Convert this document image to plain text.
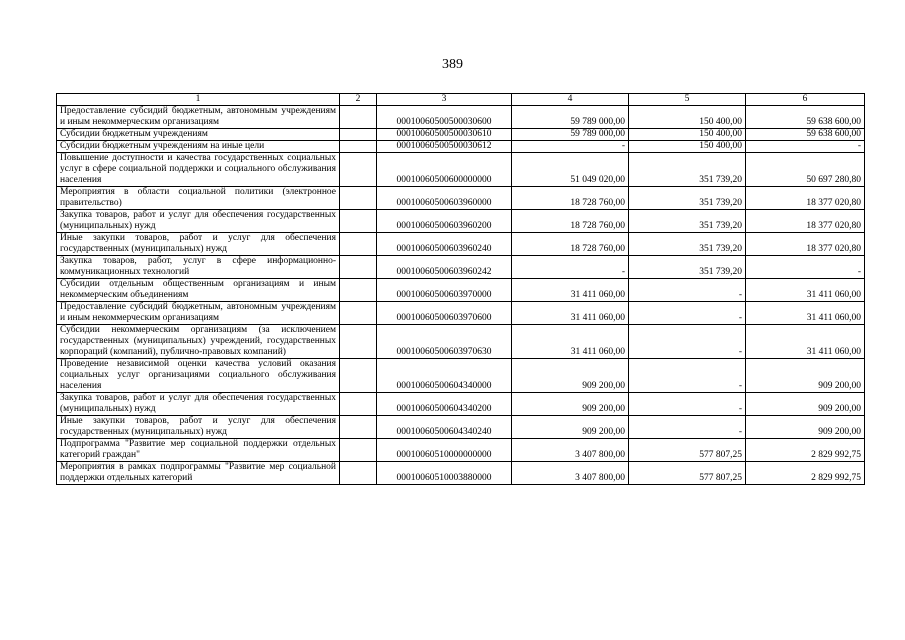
389
1	2	3	4	5	6
Предоставление субсидий бюджетным, автономным учреждениям и иным некоммерческим организациям		00010060500500030600	59 789 000,00	150 400,00	59 638 600,00
Субсидии бюджетным учреждениям		00010060500500030610	59 789 000,00	150 400,00	59 638 600,00
Субсидии бюджетным учреждениям на иные цели		00010060500500030612	-	150 400,00	-
Повышение доступности и качества государственных социальных услуг в сфере социальной поддержки и социального обслуживания населения		00010060500600000000	51 049 020,00	351 739,20	50 697 280,80
Мероприятия в области социальной политики (электронное правительство)		00010060500603960000	18 728 760,00	351 739,20	18 377 020,80
Закупка товаров, работ и услуг для обеспечения государственных (муниципальных) нужд		00010060500603960200	18 728 760,00	351 739,20	18 377 020,80
Иные закупки товаров, работ и услуг для обеспечения государственных (муниципальных) нужд		00010060500603960240	18 728 760,00	351 739,20	18 377 020,80
Закупка товаров, работ, услуг в сфере информационно-коммуникационных технологий		00010060500603960242	-	351 739,20	-
Субсидии отдельным общественным организациям и иным некоммерческим объединениям		00010060500603970000	31 411 060,00	-	31 411 060,00
Предоставление субсидий бюджетным, автономным учреждениям и иным некоммерческим организациям		00010060500603970600	31 411 060,00	-	31 411 060,00
Субсидии некоммерческим организациям (за исключением государственных (муниципальных) учреждений, государственных корпораций (компаний), публично-правовых компаний)		00010060500603970630	31 411 060,00	-	31 411 060,00
Проведение независимой оценки качества условий оказания социальных услуг организациями социального обслуживания населения		00010060500604340000	909 200,00	-	909 200,00
Закупка товаров, работ и услуг для обеспечения государственных (муниципальных) нужд		00010060500604340200	909 200,00	-	909 200,00
Иные закупки товаров, работ и услуг для обеспечения государственных (муниципальных) нужд		00010060500604340240	909 200,00	-	909 200,00
Подпрограмма "Развитие мер социальной поддержки отдельных категорий граждан"		00010060510000000000	3 407 800,00	577 807,25	2 829 992,75
Мероприятия в рамках подпрограммы "Развитие мер социальной поддержки отдельных категорий		00010060510003880000	3 407 800,00	577 807,25	2 829 992,75
